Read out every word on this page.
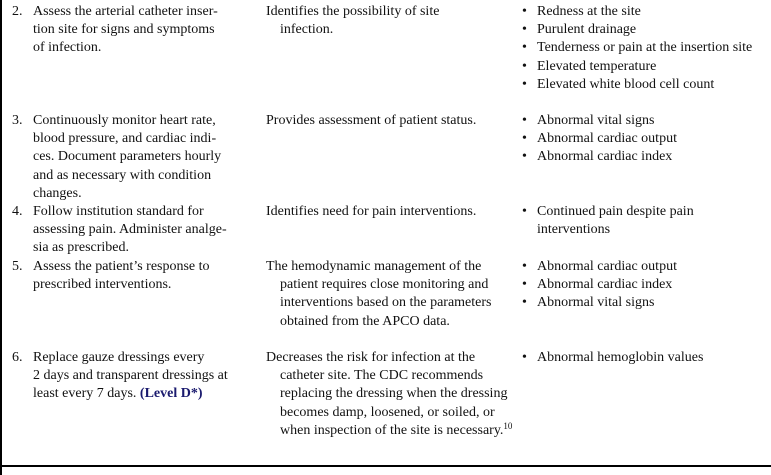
2. Assess the arterial catheter inser-
tion site for signs and symptoms
of infection.
Identifies the possibility of site infection.
• Redness at the site
• Purulent drainage
• Tenderness or pain at the insertion site
• Elevated temperature
• Elevated white blood cell count
3. Continuously monitor heart rate,
blood pressure, and cardiac indi-
ces. Document parameters hourly
and as necessary with condition
changes.
Provides assessment of patient status.	• Abnormal vital signs
• Abnormal cardiac output
• Abnormal cardiac index
4. Follow institution standard for
assessing pain. Administer analge-
sia as prescribed.
Identifies need for pain interventions.	• Continued pain despite pain interventions
5. Assess the patient’s response to
prescribed interventions.
The hemodynamic management of the patient requires close monitoring and interventions based on the parameters obtained from the APCO data.
• Abnormal cardiac output
• Abnormal cardiac index
• Abnormal vital signs
6. Replace gauze dressings every
2 days and transparent dressings at
least every 7 days. (Level D*)
Decreases the risk for infection at the catheter site. The CDC recommends replacing the dressing when the dressing becomes damp, loosened, or soiled, or when inspection of the site is necessary.$^{10}$
• Abnormal hemoglobin values
